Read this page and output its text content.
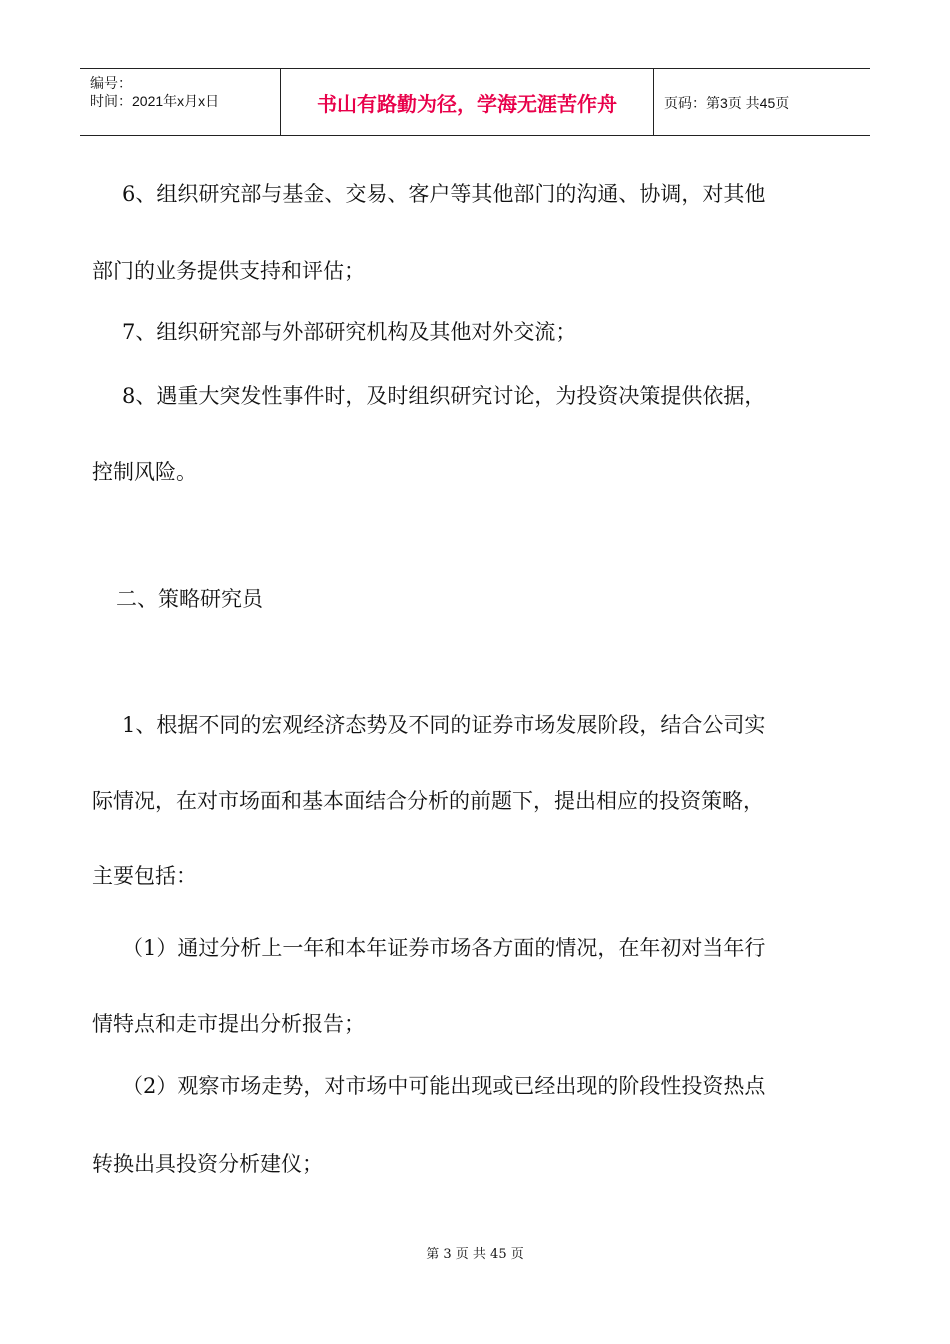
编号：
时间：2021年x月x日	书山有路勤为径，学海无涯苦作舟	页码：第3页 共45页
6、组织研究部与基金、交易、客户等其他部门的沟通、协调，对其他
部门的业务提供支持和评估；
7、组织研究部与外部研究机构及其他对外交流；
8、遇重大突发性事件时，及时组织研究讨论，为投资决策提供依据，
控制风险。
二、策略研究员
1、根据不同的宏观经济态势及不同的证券市场发展阶段，结合公司实
际情况，在对市场面和基本面结合分析的前题下，提出相应的投资策略，
主要包括：
（1）通过分析上一年和本年证券市场各方面的情况，在年初对当年行
情特点和走市提出分析报告；
（2）观察市场走势，对市场中可能出现或已经出现的阶段性投资热点
转换出具投资分析建仪；
第 3 页 共 45 页
